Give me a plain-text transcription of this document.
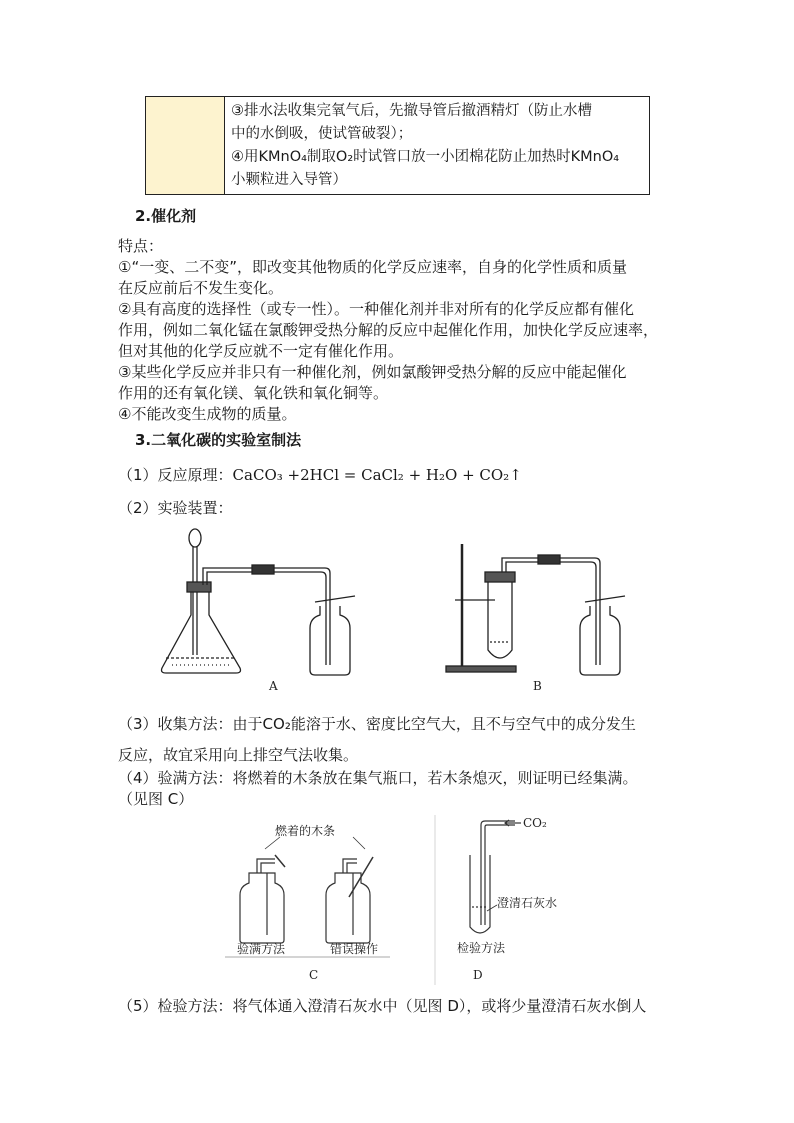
③排水法收集完氧气后，先撤导管后撤酒精灯（防止水槽
中的水倒吸，使试管破裂）；
④用KMnO₄制取O₂时试管口放一小团棉花防止加热时KMnO₄
小颗粒进入导管）
2.催化剂
特点：
①“一变、二不变”，即改变其他物质的化学反应速率，自身的化学性质和质量
在反应前后不发生变化。
②具有高度的选择性（或专一性）。一种催化剂并非对所有的化学反应都有催化
作用，例如二氧化锰在氯酸钾受热分解的反应中起催化作用，加快化学反应速率，
但对其他的化学反应就不一定有催化作用。
③某些化学反应并非只有一种催化剂，例如氯酸钾受热分解的反应中能起催化
作用的还有氧化镁、氧化铁和氧化铜等。
④不能改变生成物的质量。
3.二氧化碳的实验室制法
（1）反应原理：CaCO₃ +2HCl = CaCl₂ + H₂O + CO₂↑
（2）实验装置：
A	B
（3）收集方法：由于CO₂能溶于水、密度比空气大，且不与空气中的成分发生
反应，故宜采用向上排空气法收集。
（4）验满方法：将燃着的木条放在集气瓶口，若木条熄灭，则证明已经集满。
（见图 C）
燃着的木条
验满方法	错误操作
C
CO₂
澄清石灰水
检验方法
D
（5）检验方法：将气体通入澄清石灰水中（见图 D），或将少量澄清石灰水倒人
